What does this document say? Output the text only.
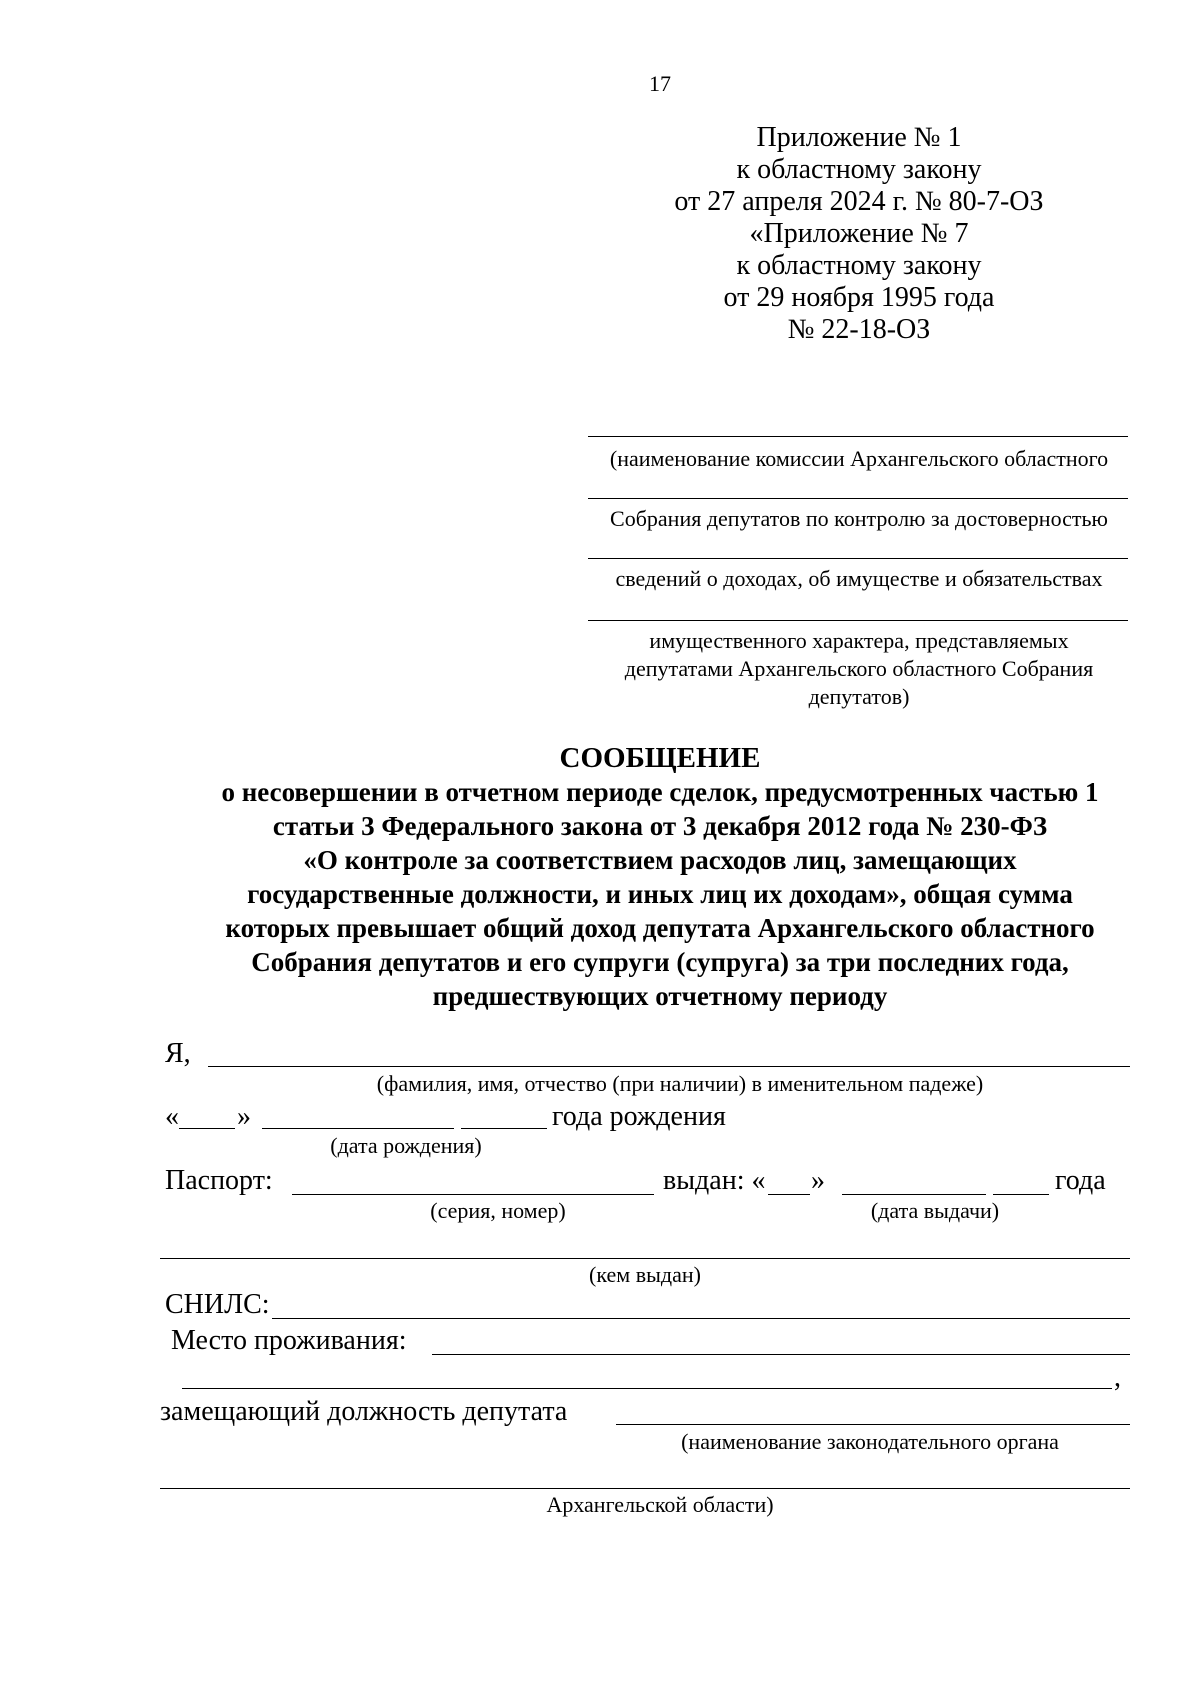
17
Приложение № 1
к областному закону
от 27 апреля 2024 г. № 80-7-ОЗ
«Приложение № 7
к областному закону
от 29 ноября 1995 года
№ 22-18-ОЗ
(наименование комиссии Архангельского областного
Собрания депутатов по контролю за достоверностью
сведений о доходах, об имуществе и обязательствах
имущественного характера, представляемых
депутатами Архангельского областного Собрания
депутатов)
СООБЩЕНИЕ
о несовершении в отчетном периоде сделок, предусмотренных частью 1
статьи 3 Федерального закона от 3 декабря 2012 года № 230-ФЗ
«О контроле за соответствием расходов лиц, замещающих
государственные должности, и иных лиц их доходам», общая сумма
которых превышает общий доход депутата Архангельского областного
Собрания депутатов и его супруги (супруга) за три последних года,
предшествующих отчетному периоду
Я,
(фамилия, имя, отчество (при наличии) в именительном падеже)
« »	года рождения
(дата рождения)
Паспорт:	выдан: « »	года
(серия, номер)	(дата выдачи)
(кем выдан)
СНИЛС:
Место проживания:
,
замещающий должность депутата
(наименование законодательного органа
Архангельской области)
